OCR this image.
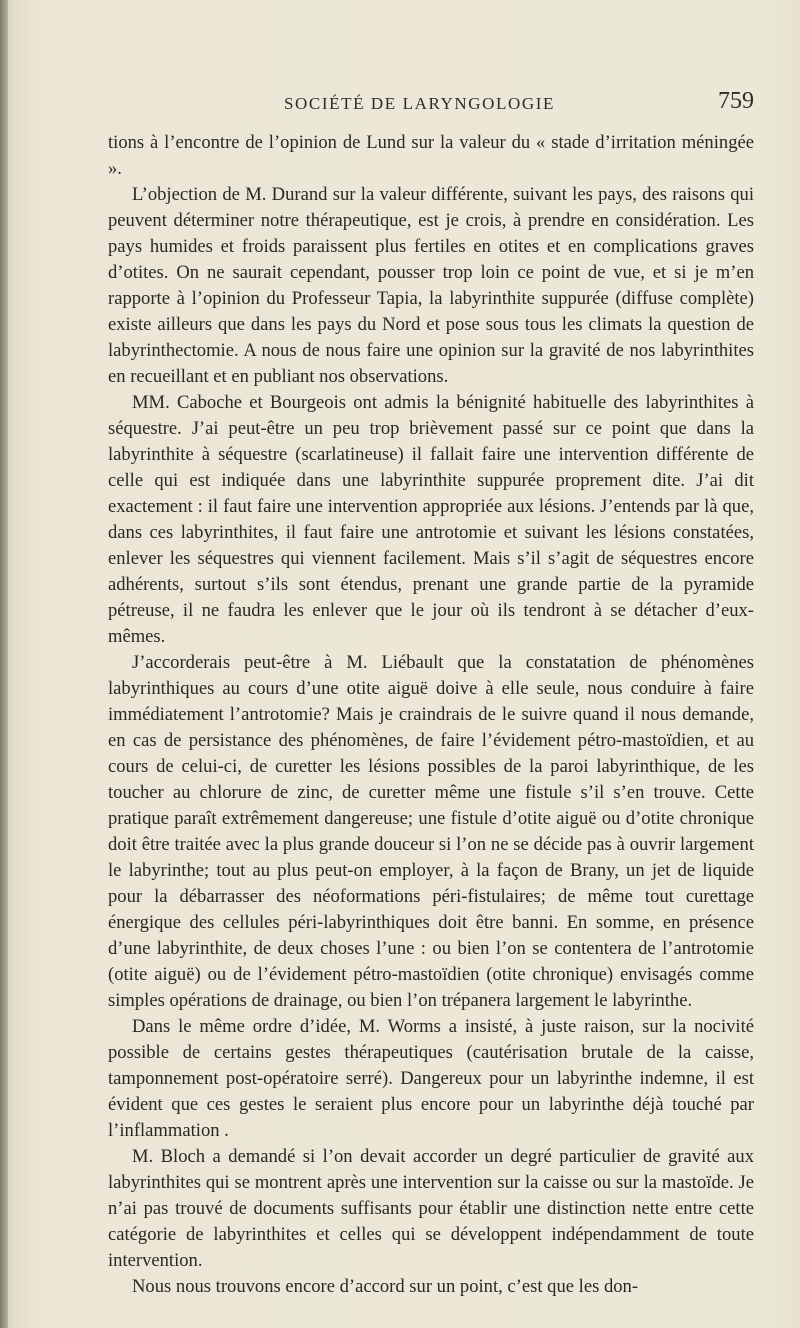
SOCIÉTÉ DE LARYNGOLOGIE	759

tions à l’encontre de l’opinion de Lund sur la valeur du « stade d’irritation méningée ».

L’objection de M. Durand sur la valeur différente, suivant les pays, des raisons qui peuvent déterminer notre thérapeutique, est je crois, à prendre en considération. Les pays humides et froids paraissent plus fertiles en otites et en complications graves d’otites. On ne saurait cependant, pousser trop loin ce point de vue, et si je m’en rapporte à l’opinion du Professeur Tapia, la labyrinthite suppurée (diffuse complète) existe ailleurs que dans les pays du Nord et pose sous tous les climats la question de labyrinthectomie. A nous de nous faire une opinion sur la gravité de nos labyrinthites en recueillant et en publiant nos observations.

MM. Caboche et Bourgeois ont admis la bénignité habituelle des labyrinthites à séquestre. J’ai peut-être un peu trop brièvement passé sur ce point que dans la labyrinthite à séquestre (scarlatineuse) il fallait faire une intervention différente de celle qui est indiquée dans une labyrinthite suppurée proprement dite. J’ai dit exactement : il faut faire une intervention appropriée aux lésions. J’entends par là que, dans ces labyrinthites, il faut faire une antrotomie et suivant les lésions constatées, enlever les séquestres qui viennent facilement. Mais s’il s’agit de séquestres encore adhérents, surtout s’ils sont étendus, prenant une grande partie de la pyramide pétreuse, il ne faudra les enlever que le jour où ils tendront à se détacher d’eux-mêmes.

J’accorderais peut-être à M. Liébault que la constatation de phénomènes labyrinthiques au cours d’une otite aiguë doive à elle seule, nous conduire à faire immédiatement l’antrotomie? Mais je craindrais de le suivre quand il nous demande, en cas de persistance des phénomènes, de faire l’évidement pétro-mastoïdien, et au cours de celui-ci, de curetter les lésions possibles de la paroi labyrinthique, de les toucher au chlorure de zinc, de curetter même une fistule s’il s’en trouve. Cette pratique paraît extrêmement dangereuse; une fistule d’otite aiguë ou d’otite chronique doit être traitée avec la plus grande douceur si l’on ne se décide pas à ouvrir largement le labyrinthe; tout au plus peut-on employer, à la façon de Brany, un jet de liquide pour la débarrasser des néoformations péri-fistulaires; de même tout curettage énergique des cellules péri-labyrinthiques doit être banni. En somme, en présence d’une labyrinthite, de deux choses l’une : ou bien l’on se contentera de l’antrotomie (otite aiguë) ou de l’évidement pétro-mastoïdien (otite chronique) envisagés comme simples opérations de drainage, ou bien l’on trépanera largement le labyrinthe.

Dans le même ordre d’idée, M. Worms a insisté, à juste raison, sur la nocivité possible de certains gestes thérapeutiques (cautérisation brutale de la caisse, tamponnement post-opératoire serré). Dangereux pour un labyrinthe indemne, il est évident que ces gestes le seraient plus encore pour un labyrinthe déjà touché par l’inflammation .

M. Bloch a demandé si l’on devait accorder un degré particulier de gravité aux labyrinthites qui se montrent après une intervention sur la caisse ou sur la mastoïde. Je n’ai pas trouvé de documents suffisants pour établir une distinction nette entre cette catégorie de labyrinthites et celles qui se développent indépendamment de toute intervention.

Nous nous trouvons encore d’accord sur un point, c’est que les don-
